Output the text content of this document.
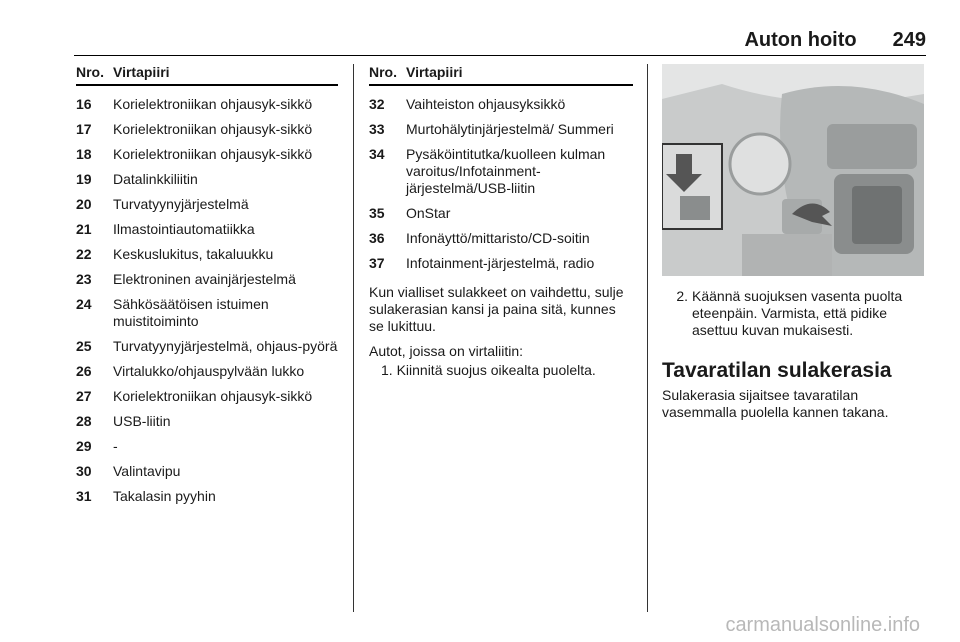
Auton hoito 249
Nro. Virtapiiri
16	Korielektroniikan ohjausyk-sikkö
17	Korielektroniikan ohjausyk-sikkö
18	Korielektroniikan ohjausyk-sikkö
19	Datalinkkiliitin
20	Turvatyynyjärjestelmä
21	Ilmastointiautomatiikka
22	Keskuslukitus, takaluukku
23	Elektroninen avainjärjestelmä
24	Sähkösäätöisen istuimen muistitoiminto
25	Turvatyynyjärjestelmä, ohjaus-pyörä
26	Virtalukko/ohjauspylvään lukko
27	Korielektroniikan ohjausyk-sikkö
28	USB-liitin
29	-
30	Valintavipu
31	Takalasin pyyhin
Nro. Virtapiiri
32	Vaihteiston ohjausyksikkö
33	Murtohälytinjärjestelmä/ Summeri
34	Pysäköintitutka/kuolleen kulman varoitus/Infotainment-järjestelmä/USB-liitin
35	OnStar
36	Infonäyttö/mittaristo/CD-soitin
37	Infotainment-järjestelmä, radio

Kun vialliset sulakkeet on vaihdettu, sulje sulakerasian kansi ja paina sitä, kunnes se lukittuu.

Autot, joissa on virtaliitin:

1. Kiinnitä suojus oikealta puolelta.

2. Käännä suojuksen vasenta puolta eteenpäin. Varmista, että pidike asettuu kuvan mukaisesti.
Tavaratilan sulakerasia

Sulakerasia sijaitsee tavaratilan vasemmalla puolella kannen takana.

carmanualsonline.info
